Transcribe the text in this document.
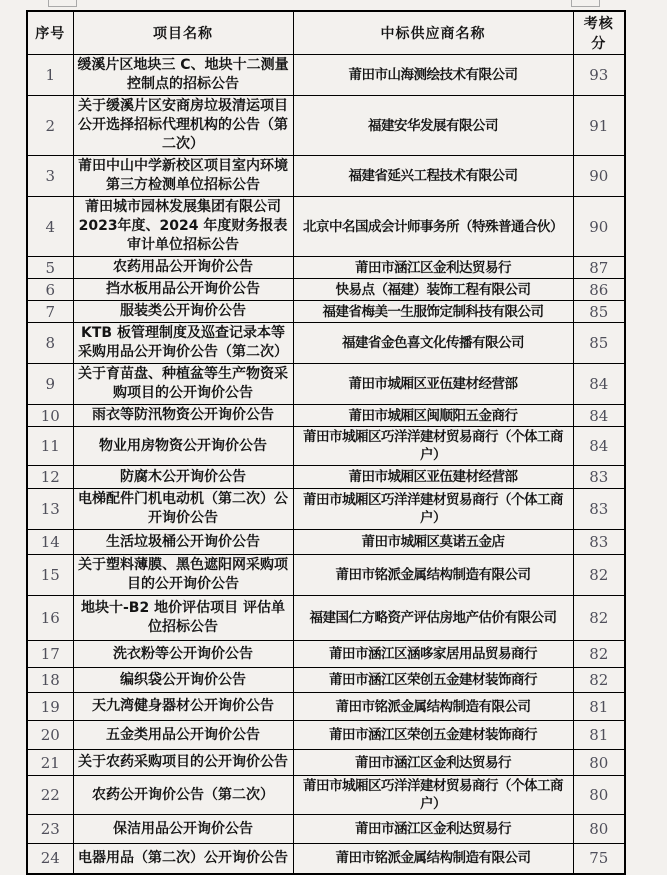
序号	项目名称	中标供应商名称	考核分
1	缓溪片区地块三 C、地块十二测量控制点的招标公告	莆田市山海测绘技术有限公司	93
2	关于缓溪片区安商房垃圾清运项目公开选择招标代理机构的公告（第二次）	福建安华发展有限公司	91
3	莆田中山中学新校区项目室内环境第三方检测单位招标公告	福建省延兴工程技术有限公司	90
4	莆田城市园林发展集团有限公司 2023年度、2024 年度财务报表审计单位招标公告	北京中名国成会计师事务所（特殊普通合伙）	90
5	农药用品公开询价公告	莆田市涵江区金利达贸易行	87
6	挡水板用品公开询价公告	快易点（福建）装饰工程有限公司	86
7	服装类公开询价公告	福建省梅美一生服饰定制科技有限公司	85
8	KTB 板管理制度及巡查记录本等采购用品公开询价公告（第二次）	福建省金色喜文化传播有限公司	85
9	关于育苗盘、种植盆等生产物资采购项目的公开询价公告	莆田市城厢区亚伍建材经营部	84
10	雨衣等防汛物资公开询价公告	莆田市城厢区闽顺阳五金商行	84
11	物业用房物资公开询价公告	莆田市城厢区巧洋洋建材贸易商行（个体工商户）	84
12	防腐木公开询价公告	莆田市城厢区亚伍建材经营部	83
13	电梯配件门机电动机（第二次）公开询价公告	莆田市城厢区巧洋洋建材贸易商行（个体工商户）	83
14	生活垃圾桶公开询价公告	莆田市城厢区莫诺五金店	83
15	关于塑料薄膜、黑色遮阳网采购项目的公开询价公告	莆田市铭派金属结构制造有限公司	82
16	地块十-B2 地价评估项目 评估单位招标公告	福建国仁方略资产评估房地产估价有限公司	82
17	洗衣粉等公开询价公告	莆田市涵江区涵哆家居用品贸易商行	82
18	编织袋公开询价公告	莆田市涵江区荣创五金建材装饰商行	82
19	天九湾健身器材公开询价公告	莆田市铭派金属结构制造有限公司	81
20	五金类用品公开询价公告	莆田市涵江区荣创五金建材装饰商行	81
21	关于农药采购项目的公开询价公告	莆田市涵江区金利达贸易行	80
22	农药公开询价公告（第二次）	莆田市城厢区巧洋洋建材贸易商行（个体工商户）	80
23	保洁用品公开询价公告	莆田市涵江区金利达贸易行	80
24	电器用品（第二次）公开询价公告	莆田市铭派金属结构制造有限公司	75
